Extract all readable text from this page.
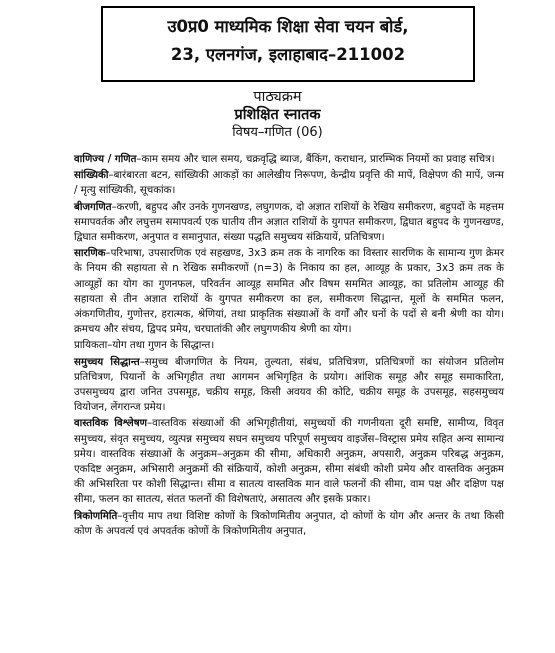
उ0प्र0 माध्यमिक शिक्षा सेवा चयन बोर्ड,
23, एलनगंज, इलाहाबाद–211002
पाठ्यक्रम
प्रशिक्षित स्नातक
विषय–गणित (06)

वाणिज्य / गणित–काम समय और चाल समय, चक्रवृद्धि ब्याज, बैंकिंग, कराधान, प्रारम्भिक नियमों का प्रवाह सचित्र।

सांख्यिकी–बारंबारता बटन, सांख्यिकी आकड़ों का आलेखीय निरूपण, केन्द्रीय प्रवृत्ति की मापें, विक्षेपण की मापें, जन्म / मृत्यु सांख्यिकी, सूचकांक।

बीजगणित–करणी, बहुपद और उनके गुणनखण्ड, लघुगणक, दो अज्ञात राशियों के रेखिय समीकरण, बहुपदों के महत्तम समापवर्तक और लघुत्तम समापवर्त्य एक घातीय तीन अज्ञात राशियों के युगपत समीकरण, द्विघात बहुपद के गुणनखण्ड, द्विघात समीकरण, अनुपात व समानुपात, संख्या पद्धति समुच्चय संक्रियायें, प्रतिचित्रण।

सारणिक–परिभाषा, उपसारणिक एवं सहखण्ड, 3x3 क्रम तक के नागरिक का विस्तार सारणिक के सामान्य गुण क्रेमर के नियम की सहायता से n रेखिक समीकरणों (n=3) के निकाय का हल, आव्यूह के प्रकार, 3x3 क्रम तक के आव्यूहों का योग का गुणनफल, परिवर्तन आव्यूह सममित और विषम सममित आव्यूह, का प्रतिलोम आव्यूह की सहायता से तीन अज्ञात राशियों के युगपत समीकरण का हल, समीकरण सिद्धान्त, मूलों के सममित फलन, अंकगणितीय, गुणोत्तर, हरात्मक, श्रेणियां, तथा प्राकृतिक संख्याओं के वर्गों और घनों के पदों से बनी श्रेणी का योग। क्रमचय और संचय, द्विपद प्रमेय, चरघातांकी और लघुगणकीय श्रेणी का योग।

प्रायिकता–योग तथा गुणन के सिद्धान्त।

समुच्चय सिद्धान्त–समुच्च बीजगणित के नियम, तुल्यता, संबंध, प्रतिचित्रण, प्रतिचित्रणों का संयोजन प्रतिलोम प्रतिचित्रण, पियानों के अभिगृहीत तथा आगमन अभिगृहित के प्रयोग। आंशिक समूह और समूह समाकारिता, उपसमुच्चय द्वारा जनित उपसमूह, चक्रीय समूह, किसी अवयव की कोटि, चक्रीय समूह के उपसमूह, सहसमुच्चय वियोजन, लेंगरान्ज प्रमेय।

वास्तविक विश्लेषण–वास्तविक संख्याओं की अभिगृहीतीयां, समुच्चयों की गणनीयता दूरी समष्टि, सामीप्य, विवृत समुच्चय, संवृत समुच्चय, व्युत्पन्न समुच्चय सघन समुच्चय परिपूर्ण समुच्चय वाइर्जेस–विस्ट्रास प्रमेय सहित अन्य सामान्य प्रमेय। वास्तविक संख्याओं के अनुक्रम–अनुक्रम की सीमा, अधिकारी अनुक्रम, अपसारी, अनुक्रम परिबद्ध अनुक्रम, एकदिष्ट अनुक्रम, अभिसारी अनुक्रमों की संक्रियायें, कोशी अनुक्रम, सीमा संबंधी कोशी प्रमेय और वास्तविक अनुक्रम की अभिसरिता पर कोशी सिद्धान्त। सीमा व सातत्य वास्तविक मान वाले फलनों की सीमा, वाम पक्ष और दक्षिण पक्ष सीमा, फलन का सातत्य, संतत फलनों की विशेषताएं, असातत्य और इसके प्रकार।

त्रिकोणमिति–वृत्तीय माप तथा विशिष्ट कोणों के त्रिकोणमितीय अनुपात, दो कोणों के योग और अन्तर के तथा किसी कोण के अपवर्त्य एवं अपवर्तक कोणों के त्रिकोणमितीय अनुपात,
